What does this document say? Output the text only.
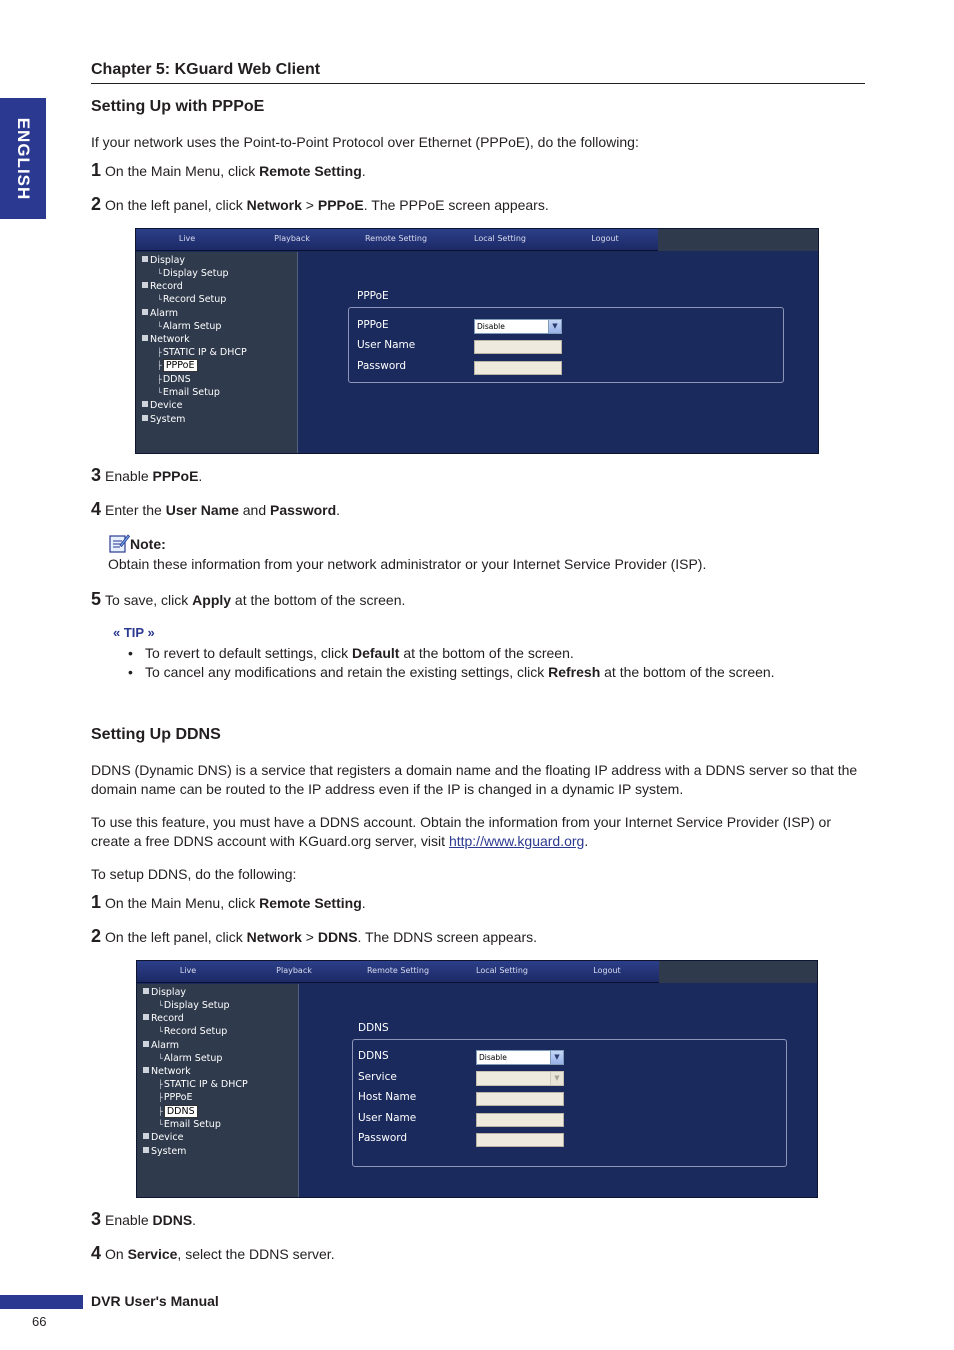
ENGLISH
Chapter 5: KGuard Web Client
Setting Up with PPPoE
If your network uses the Point-to-Point Protocol over Ethernet (PPPoE), do the following:
1 On the Main Menu, click Remote Setting.
2 On the left panel, click Network > PPPoE. The PPPoE screen appears.
Live	Playback	Remote Setting	Local Setting	Logout
Display
└Display Setup
Record
└Record Setup
Alarm
└Alarm Setup
Network
├STATIC IP & DHCP
├ PPPoE
├DDNS
└Email Setup
Device
System
PPPoE
PPPoE	Disable	▼
User Name
Password
3 Enable PPPoE.
4 Enter the User Name and Password.
Note:
Obtain these information from your network administrator or your Internet Service Provider (ISP).
5 To save, click Apply at the bottom of the screen.
« TIP »
• To revert to default settings, click Default at the bottom of the screen.
• To cancel any modifications and retain the existing settings, click Refresh at the bottom of the screen.
Setting Up DDNS
DDNS (Dynamic DNS) is a service that registers a domain name and the floating IP address with a DDNS server so that the domain name can be routed to the IP address even if the IP is changed in a dynamic IP system.
To use this feature, you must have a DDNS account. Obtain the information from your Internet Service Provider (ISP) or create a free DDNS account with KGuard.org server, visit http://www.kguard.org.
To setup DDNS, do the following:
1 On the Main Menu, click Remote Setting.
2 On the left panel, click Network > DDNS. The DDNS screen appears.
Live	Playback	Remote Setting	Local Setting	Logout
Display
└Display Setup
Record
└Record Setup
Alarm
└Alarm Setup
Network
├STATIC IP & DHCP
├PPPoE
├ DDNS
└Email Setup
Device
System
DDNS
DDNS	Disable	▼
Service	▼
Host Name
User Name
Password
3 Enable DDNS.
4 On Service, select the DDNS server.
DVR User's Manual
66
